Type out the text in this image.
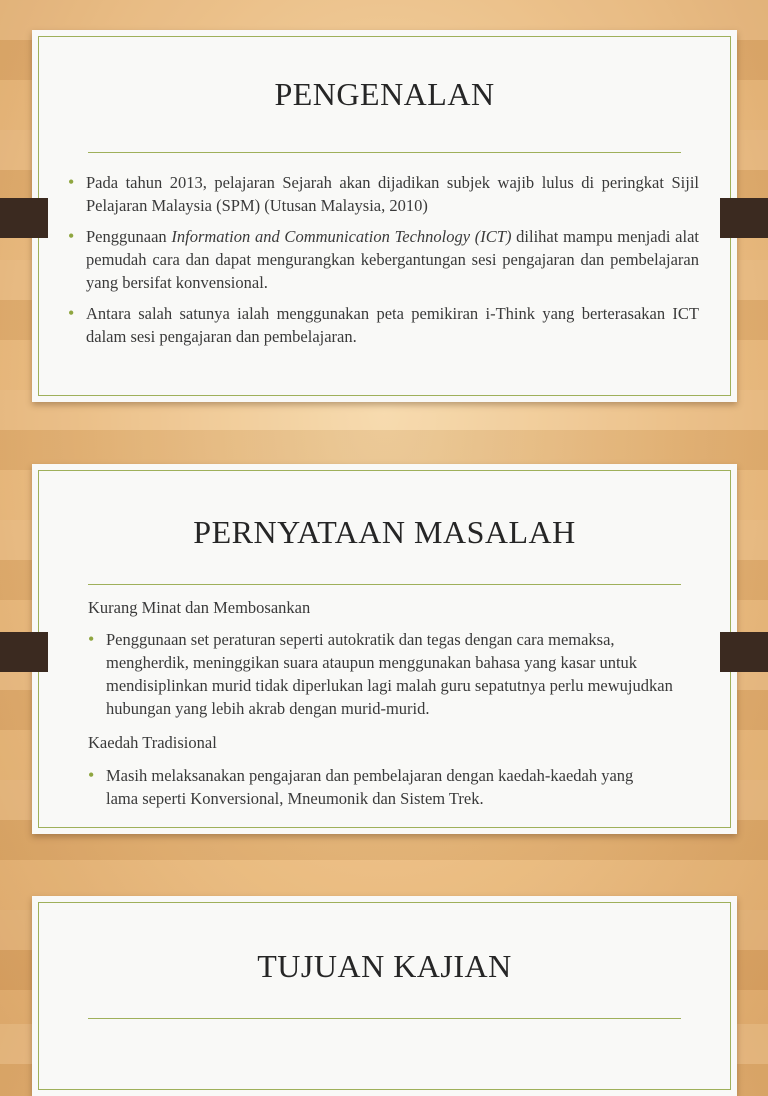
PENGENALAN
• Pada tahun 2013, pelajaran Sejarah akan dijadikan subjek wajib lulus di peringkat Sijil Pelajaran Malaysia (SPM) (Utusan Malaysia, 2010)
• Penggunaan Information and Communication Technology (ICT) dilihat mampu menjadi alat pemudah cara dan dapat mengurangkan kebergantungan sesi pengajaran dan pembelajaran yang bersifat konvensional.
• Antara salah satunya ialah menggunakan peta pemikiran i-Think yang berterasakan ICT dalam sesi pengajaran dan pembelajaran.
PERNYATAAN MASALAH
Kurang Minat dan Membosankan
• Penggunaan set peraturan seperti autokratik dan tegas dengan cara memaksa, mengherdik, meninggikan suara ataupun menggunakan bahasa yang kasar untuk mendisiplinkan murid tidak diperlukan lagi malah guru sepatutnya perlu mewujudkan hubungan yang lebih akrab dengan murid-murid.
Kaedah Tradisional
• Masih melaksanakan pengajaran dan pembelajaran dengan kaedah-kaedah yang lama seperti Konversional, Mneumonik dan Sistem Trek.
TUJUAN KAJIAN
